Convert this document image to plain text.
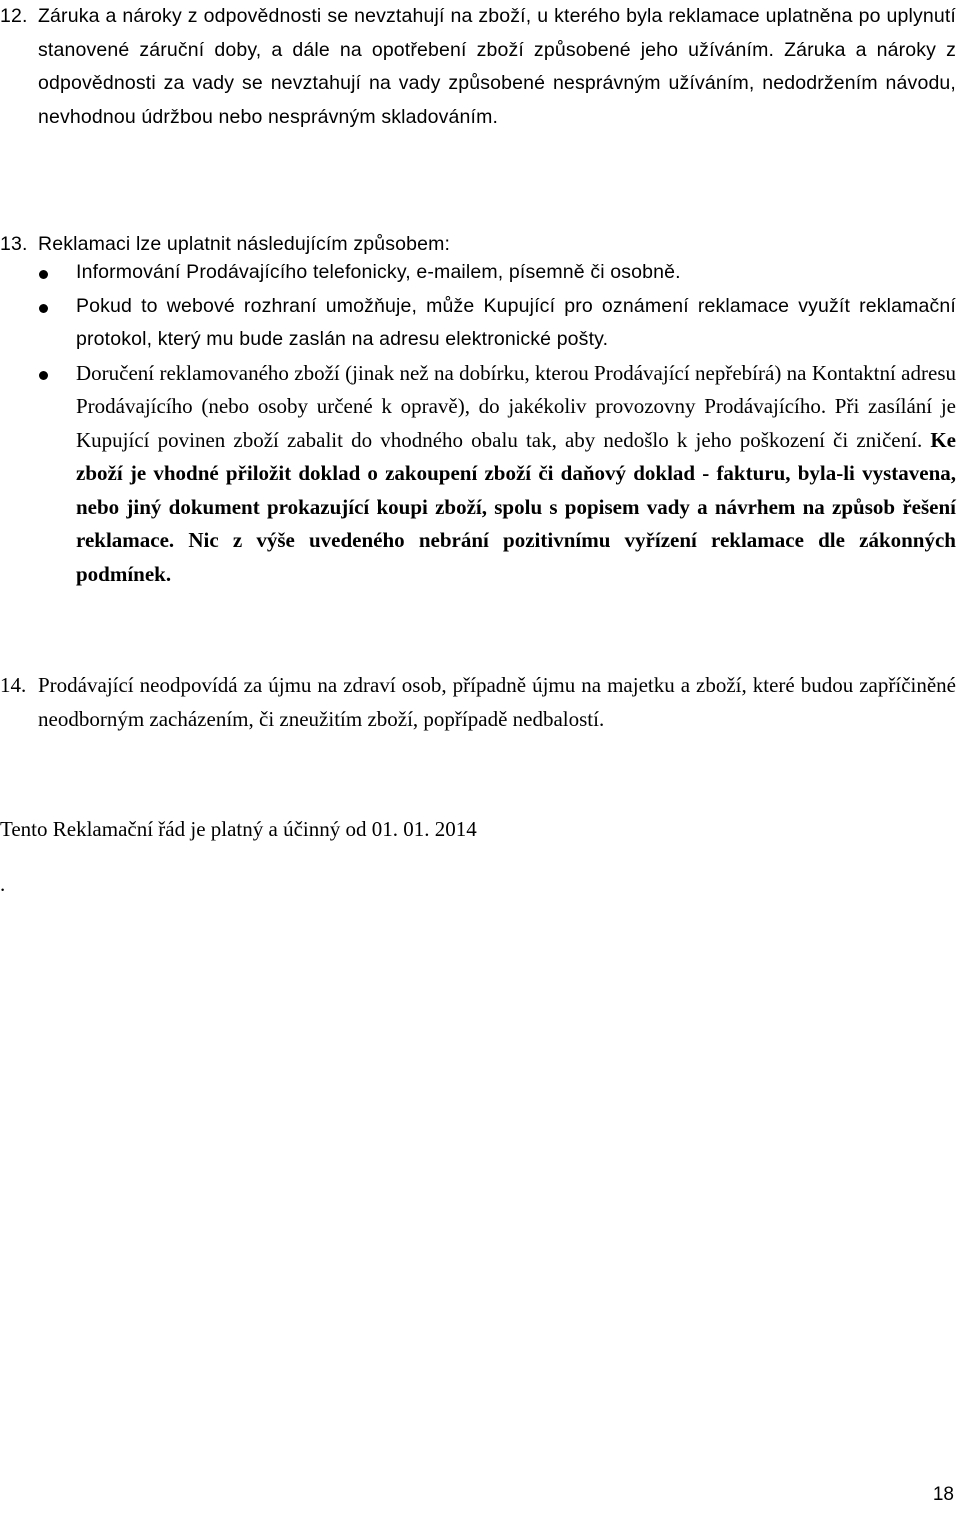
12. Záruka a nároky z odpovědnosti se nevztahují na zboží, u kterého byla reklamace uplatněna po uplynutí stanovené záruční doby, a dále na opotřebení zboží způsobené jeho užíváním. Záruka a nároky z odpovědnosti za vady se nevztahují na vady způsobené nesprávným užíváním, nedodržením návodu, nevhodnou údržbou nebo nesprávným skladováním.
13. Reklamaci lze uplatnit následujícím způsobem:
Informování Prodávajícího telefonicky, e-mailem, písemně či osobně.
Pokud to webové rozhraní umožňuje, může Kupující pro oznámení reklamace využít reklamační protokol, který mu bude zaslán na adresu elektronické pošty.
Doručení reklamovaného zboží (jinak než na dobírku, kterou Prodávající nepřebírá) na Kontaktní adresu Prodávajícího (nebo osoby určené k opravě), do jakékoliv provozovny Prodávajícího. Při zasílání je Kupující povinen zboží zabalit do vhodného obalu tak, aby nedošlo k jeho poškození či zničení. Ke zboží je vhodné přiložit doklad o zakoupení zboží či daňový doklad - fakturu, byla-li vystavena, nebo jiný dokument prokazující koupi zboží, spolu s popisem vady a návrhem na způsob řešení reklamace. Nic z výše uvedeného nebrání pozitivnímu vyřízení reklamace dle zákonných podmínek.
14. Prodávající neodpovídá za újmu na zdraví osob, případně újmu na majetku a zboží, které budou zapříčiněné neodborným zacházením, či zneužitím zboží, popřípadě nedbalostí.
Tento Reklamační řád je platný a účinný od 01. 01. 2014
.
18
